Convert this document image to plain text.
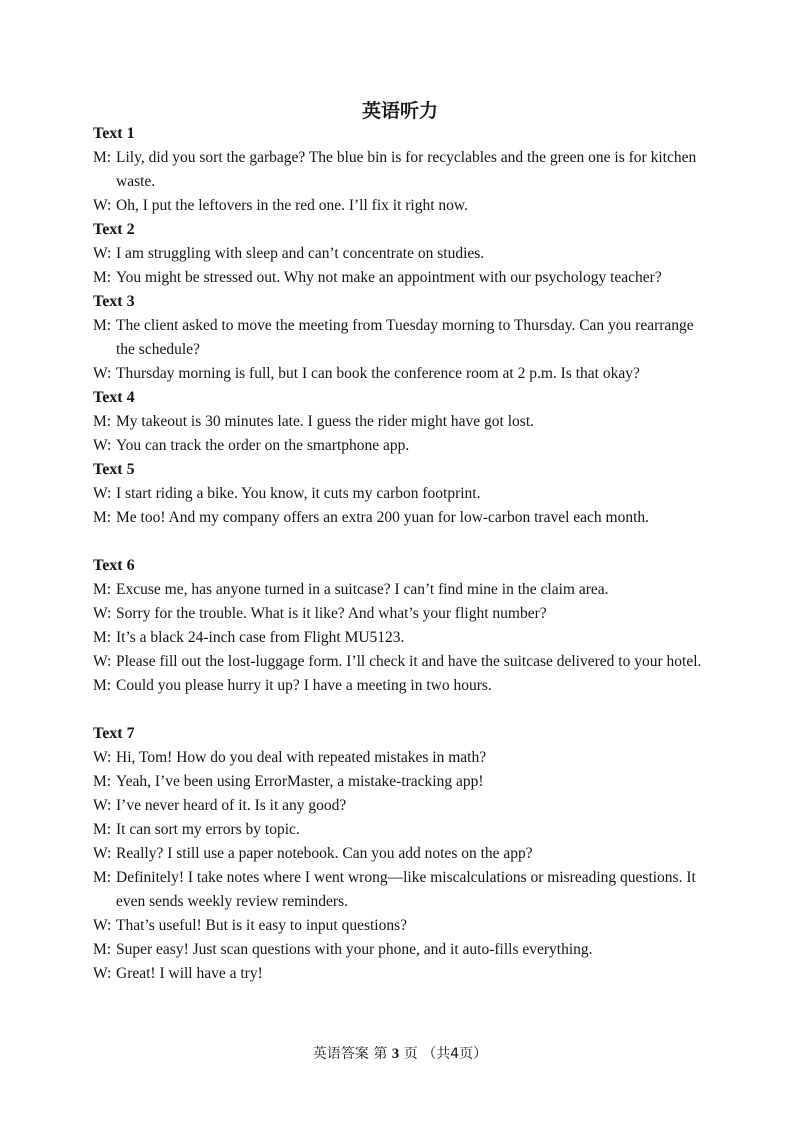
英语听力
Text 1
M: Lily, did you sort the garbage? The blue bin is for recyclables and the green one is for kitchen waste.
W: Oh, I put the leftovers in the red one. I’ll fix it right now.
Text 2
W: I am struggling with sleep and can’t concentrate on studies.
M: You might be stressed out. Why not make an appointment with our psychology teacher?
Text 3
M: The client asked to move the meeting from Tuesday morning to Thursday. Can you rearrange the schedule?
W: Thursday morning is full, but I can book the conference room at 2 p.m. Is that okay?
Text 4
M: My takeout is 30 minutes late. I guess the rider might have got lost.
W: You can track the order on the smartphone app.
Text 5
W: I start riding a bike. You know, it cuts my carbon footprint.
M: Me too! And my company offers an extra 200 yuan for low-carbon travel each month.
Text 6
M: Excuse me, has anyone turned in a suitcase? I can’t find mine in the claim area.
W: Sorry for the trouble. What is it like? And what’s your flight number?
M: It’s a black 24-inch case from Flight MU5123.
W: Please fill out the lost-luggage form. I’ll check it and have the suitcase delivered to your hotel.
M: Could you please hurry it up? I have a meeting in two hours.
Text 7
W: Hi, Tom! How do you deal with repeated mistakes in math?
M: Yeah, I’ve been using ErrorMaster, a mistake-tracking app!
W: I’ve never heard of it. Is it any good?
M: It can sort my errors by topic.
W: Really? I still use a paper notebook. Can you add notes on the app?
M: Definitely! I take notes where I went wrong—like miscalculations or misreading questions. It even sends weekly review reminders.
W: That’s useful! But is it easy to input questions?
M: Super easy! Just scan questions with your phone, and it auto-fills everything.
W: Great! I will have a try!
英语答案 第 3 页 （共4页）
